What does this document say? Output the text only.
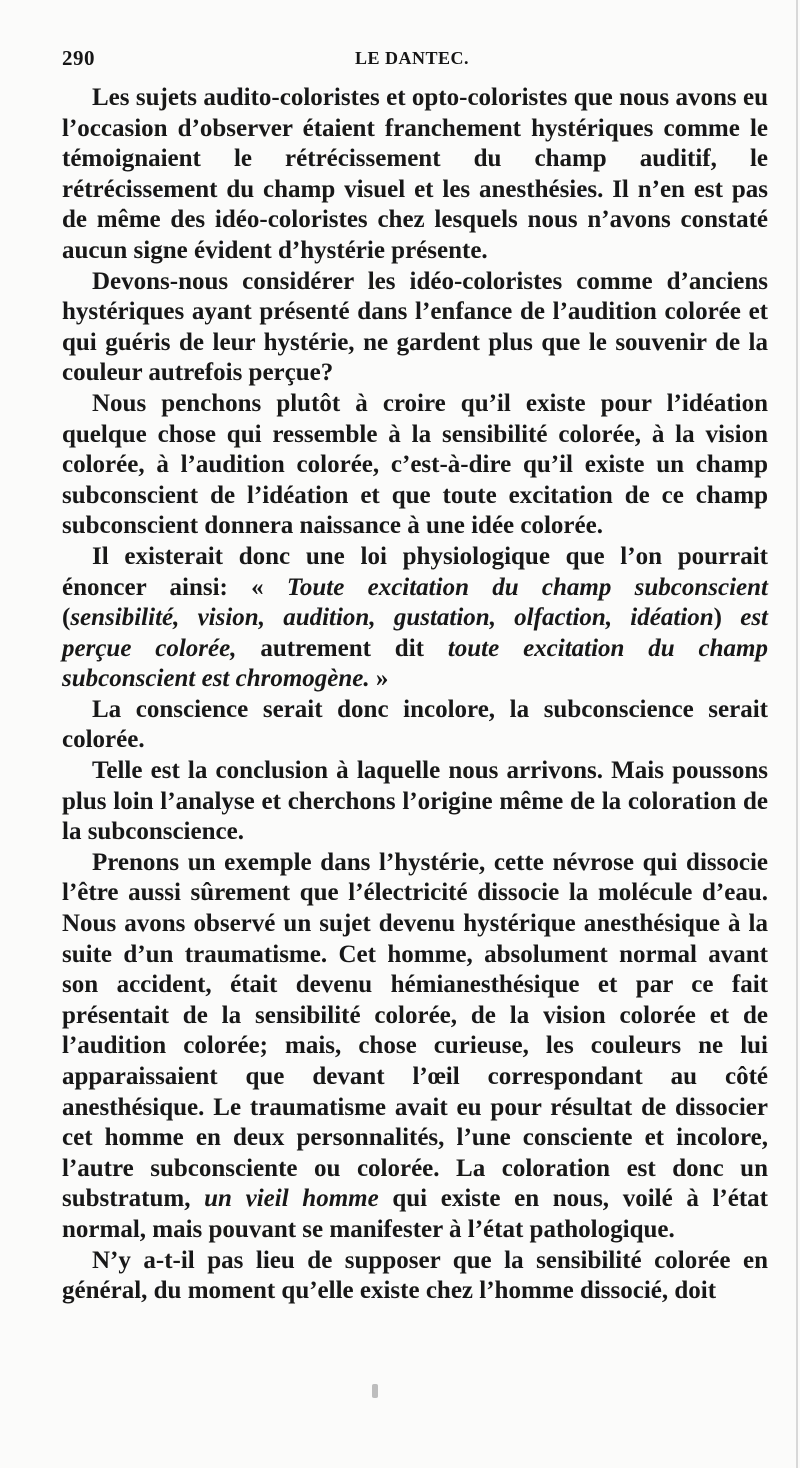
290	LE DANTEC.

Les sujets audito-coloristes et opto-coloristes que nous avons eu l’occasion d’observer étaient franchement hystériques comme le témoignaient le rétrécissement du champ auditif, le rétrécissement du champ visuel et les anesthésies. Il n’en est pas de même des idéo-coloristes chez lesquels nous n’avons constaté aucun signe évident d’hystérie présente.

Devons-nous considérer les idéo-coloristes comme d’anciens hystériques ayant présenté dans l’enfance de l’audition colorée et qui guéris de leur hystérie, ne gardent plus que le souvenir de la couleur autrefois perçue?

Nous penchons plutôt à croire qu’il existe pour l’idéation quelque chose qui ressemble à la sensibilité colorée, à la vision colorée, à l’audition colorée, c’est-à-dire qu’il existe un champ subconscient de l’idéation et que toute excitation de ce champ subconscient donnera naissance à une idée colorée.

Il existerait donc une loi physiologique que l’on pourrait énoncer ainsi: « Toute excitation du champ subconscient (sensibilité, vision, audition, gustation, olfaction, idéation) est perçue colorée, autrement dit toute excitation du champ subconscient est chromogène. »

La conscience serait donc incolore, la subconscience serait colorée.

Telle est la conclusion à laquelle nous arrivons. Mais poussons plus loin l’analyse et cherchons l’origine même de la coloration de la subconscience.

Prenons un exemple dans l’hystérie, cette névrose qui dissocie l’être aussi sûrement que l’électricité dissocie la molécule d’eau. Nous avons observé un sujet devenu hystérique anesthésique à la suite d’un traumatisme. Cet homme, absolument normal avant son accident, était devenu hémianesthésique et par ce fait présentait de la sensibilité colorée, de la vision colorée et de l’audition colorée; mais, chose curieuse, les couleurs ne lui apparaissaient que devant l’œil correspondant au côté anesthésique. Le traumatisme avait eu pour résultat de dissocier cet homme en deux personnalités, l’une consciente et incolore, l’autre subconsciente ou colorée. La coloration est donc un substratum, un vieil homme qui existe en nous, voilé à l’état normal, mais pouvant se manifester à l’état pathologique.

N’y a-t-il pas lieu de supposer que la sensibilité colorée en général, du moment qu’elle existe chez l’homme dissocié, doit
